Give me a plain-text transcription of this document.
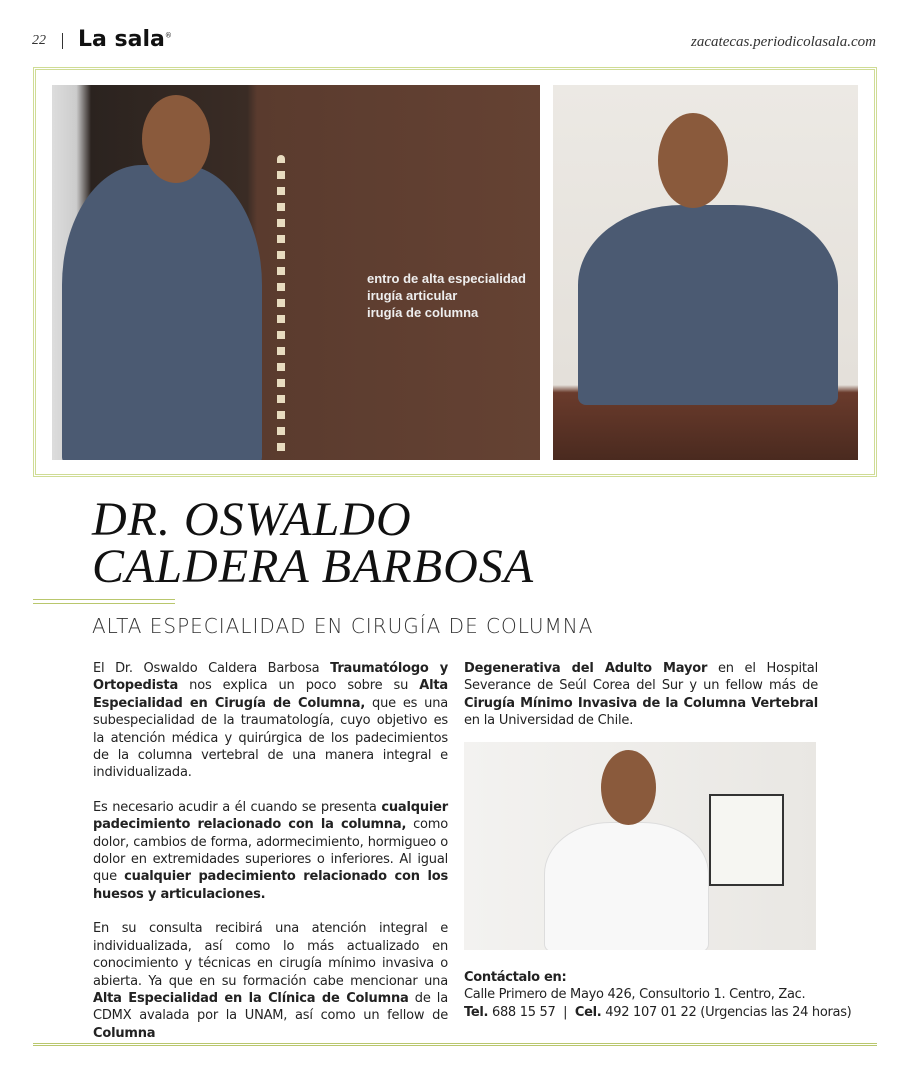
22 La sala®	zacatecas.periodicolasala.com
entro de alta especialidad
irugía articular
irugía de columna
DR. OSWALDO
CALDERA BARBOSA
ALTA ESPECIALIDAD EN CIRUGÍA DE COLUMNA

El Dr. Oswaldo Caldera Barbosa Traumatólogo y Ortopedista nos explica un poco sobre su Alta Especialidad en Cirugía de Columna, que es una subespecialidad de la traumatología, cuyo objetivo es la atención médica y quirúrgica de los padecimientos de la columna vertebral de una manera integral e individualizada.

Es necesario acudir a él cuando se presenta cualquier padecimiento relacionado con la columna, como dolor, cambios de forma, adormecimiento, hormigueo o dolor en extremidades superiores o inferiores. Al igual que cualquier padecimiento relacionado con los huesos y articulaciones.

En su consulta recibirá una atención integral e individualizada, así como lo más actualizado en conocimiento y técnicas en cirugía mínimo invasiva o abierta. Ya que en su formación cabe mencionar una Alta Especialidad en la Clínica de Columna de la CDMX avalada por la UNAM, así como un fellow de Columna

Degenerativa del Adulto Mayor en el Hospital Severance de Seúl Corea del Sur y un fellow más de Cirugía Mínimo Invasiva de la Columna Vertebral en la Universidad de Chile.

Contáctalo en:
Calle Primero de Mayo 426, Consultorio 1. Centro, Zac.
Tel. 688 15 57  |  Cel. 492 107 01 22 (Urgencias las 24 horas)
